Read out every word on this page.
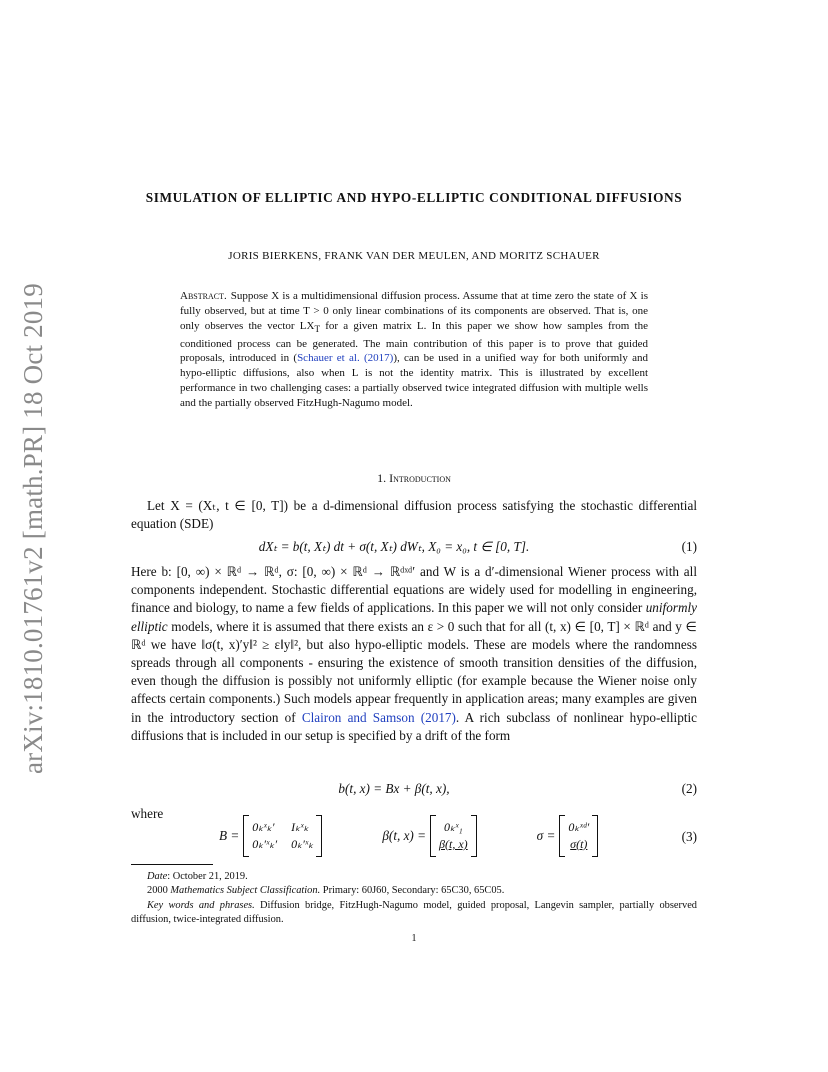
arXiv:1810.01761v2 [math.PR] 18 Oct 2019
SIMULATION OF ELLIPTIC AND HYPO-ELLIPTIC CONDITIONAL DIFFUSIONS
JORIS BIERKENS, FRANK VAN DER MEULEN, AND MORITZ SCHAUER
Abstract. Suppose X is a multidimensional diffusion process. Assume that at time zero the state of X is fully observed, but at time T > 0 only linear combinations of its components are observed. That is, one only observes the vector $LX_T$ for a given matrix L. In this paper we show how samples from the conditioned process can be generated. The main contribution of this paper is to prove that guided proposals, introduced in (Schauer et al. (2017)), can be used in a unified way for both uniformly and hypo-elliptic diffusions, also when L is not the identity matrix. This is illustrated by excellent performance in two challenging cases: a partially observed twice integrated diffusion with multiple wells and the partially observed FitzHugh-Nagumo model.
1. Introduction
Let X = (Xₜ, t ∈ [0, T]) be a d-dimensional diffusion process satisfying the stochastic differential equation (SDE)
dXₜ = b(t, Xₜ) dt + σ(t, Xₜ) dWₜ, X₀ = x₀, t ∈ [0, T].	(1)
Here b: [0, ∞) × ℝᵈ → ℝᵈ, σ: [0, ∞) × ℝᵈ → ℝᵈˣᵈ′ and W is a d′-dimensional Wiener process with all components independent. Stochastic differential equations are widely used for modelling in engineering, finance and biology, to name a few fields of applications. In this paper we will not only consider uniformly elliptic models, where it is assumed that there exists an ε > 0 such that for all (t, x) ∈ [0, T] × ℝᵈ and y ∈ ℝᵈ we have ‖σ(t, x)′y‖² ≥ ε‖y‖², but also hypo-elliptic models. These are models where the randomness spreads through all components - ensuring the existence of smooth transition densities of the diffusion, even though the diffusion is possibly not uniformly elliptic (for example because the Wiener noise only affects certain components.) Such models appear frequently in application areas; many examples are given in the introductory section of Clairon and Samson (2017). A rich subclass of nonlinear hypo-elliptic diffusions that is included in our setup is specified by a drift of the form
b(t, x) = Bx + β(t, x),	(2)
where
B =
0ₖˣₖ′ Iₖˣₖ
0ₖ′ˣₖ′ 0ₖ′ˣₖ
β(t, x) =
0ₖˣ₁
β(t, x)
σ =
0ₖˣᵈ′
σ(t)	(3)
Date: October 21, 2019.
2000 Mathematics Subject Classification. Primary: 60J60, Secondary: 65C30, 65C05.
Key words and phrases. Diffusion bridge, FitzHugh-Nagumo model, guided proposal, Langevin sampler, partially observed diffusion, twice-integrated diffusion.
1
